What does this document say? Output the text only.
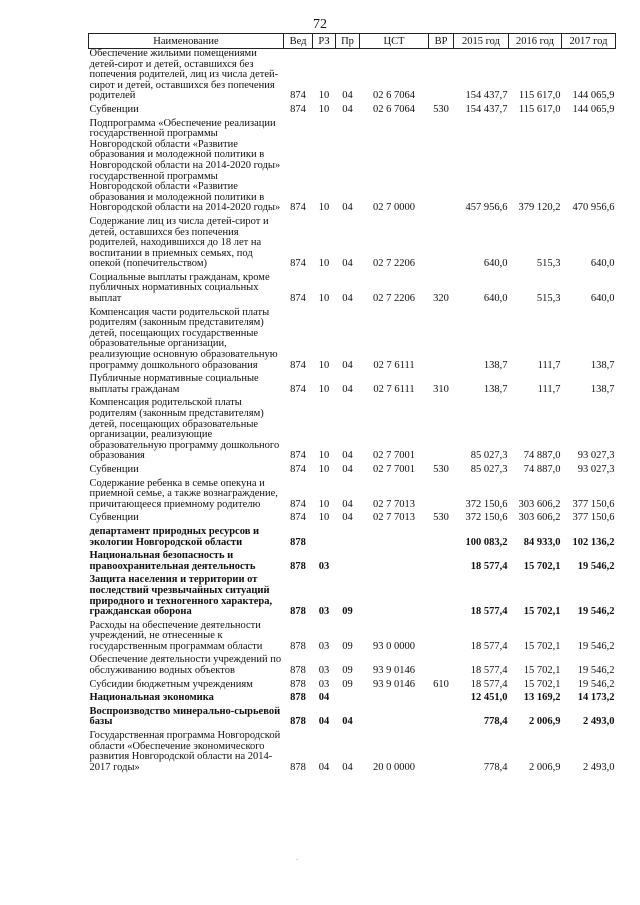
72
Наименование	Вед	РЗ	Пр	ЦСТ	ВР	2015 год	2016 год	2017 год
Обеспечение жильими помещениями детей-сирот и детей, оставшихся без попечения родителей, лиц из числа детей-сирот и детей, оставшихся без попечения родителей	874	10	04	02 6 7064		154 437,7	115 617,0	144 065,9
Субвенции	874	10	04	02 6 7064	530	154 437,7	115 617,0	144 065,9
Подпрограмма «Обеспечение реализации государственной программы Новгородской области «Развитие образования и молодежной политики в Новгородской области на 2014-2020 годы» государственной программы Новгородской области «Развитие образования и молодежной политики в Новгородской области на 2014-2020 годы»	874	10	04	02 7 0000		457 956,6	379 120,2	470 956,6
Содержание лиц из числа детей-сирот и детей, оставшихся без попечения родителей, находившихся до 18 лет на воспитании в приемных семьях, под опекой (попечительством)	874	10	04	02 7 2206		640,0	515,3	640,0
Социальные выплаты гражданам, кроме публичных нормативных социальных выплат	874	10	04	02 7 2206	320	640,0	515,3	640,0
Компенсация части родительской платы родителям (законным представителям) детей, посещающих государственные образовательные организации, реализующие основную образовательную программу дошкольного образования	874	10	04	02 7 6111		138,7	111,7	138,7
Публичные нормативные социальные выплаты гражданам	874	10	04	02 7 6111	310	138,7	111,7	138,7
Компенсация родительской платы родителям (законным представителям) детей, посещающих образовательные организации, реализующие образовательную программу дошкольного образования	874	10	04	02 7 7001		85 027,3	74 887,0	93 027,3
Субвенции	874	10	04	02 7 7001	530	85 027,3	74 887,0	93 027,3
Содержание ребенка в семье опекуна и приемной семье, а также вознаграждение, причитающееся приемному родителю	874	10	04	02 7 7013		372 150,6	303 606,2	377 150,6
Субвенции	874	10	04	02 7 7013	530	372 150,6	303 606,2	377 150,6
департамент природных ресурсов и экологии Новгородской области	878					100 083,2	84 933,0	102 136,2
Национальная безопасность и правоохранительная деятельность	878	03				18 577,4	15 702,1	19 546,2
Защита населения и территории от последствий чрезвычайных ситуаций природного и техногенного характера, гражданская оборона	878	03	09			18 577,4	15 702,1	19 546,2
Расходы на обеспечение деятельности учреждений, не отнесенные к государственным программам области	878	03	09	93 0 0000		18 577,4	15 702,1	19 546,2
Обеспечение деятельности учреждений по обслуживанию водных объектов	878	03	09	93 9 0146		18 577,4	15 702,1	19 546,2
Субсидии бюджетным учреждениям	878	03	09	93 9 0146	610	18 577,4	15 702,1	19 546,2
Национальная экономика	878	04				12 451,0	13 169,2	14 173,2
Воспроизводство минерально-сырьевой базы	878	04	04			778,4	2 006,9	2 493,0
Государственная программа Новгородской области «Обеспечение экономического развития Новгородской области на 2014-2017 годы»	878	04	04	20 0 0000		778,4	2 006,9	2 493,0
.
